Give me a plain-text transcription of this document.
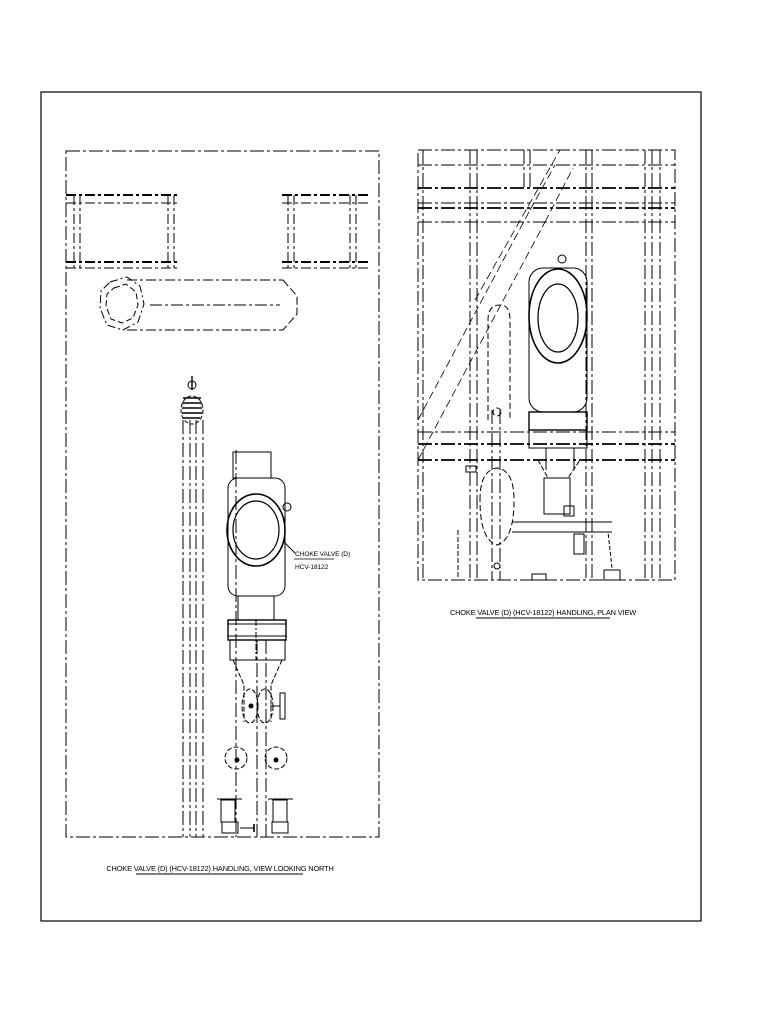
CHOKE VALVE (D)
HCV-18122
CHOKE VALVE (D) (HCV-18122) HANDLING, VIEW LOOKING NORTH
CHOKE VALVE (D) (HCV-18122) HANDLING, PLAN VIEW
